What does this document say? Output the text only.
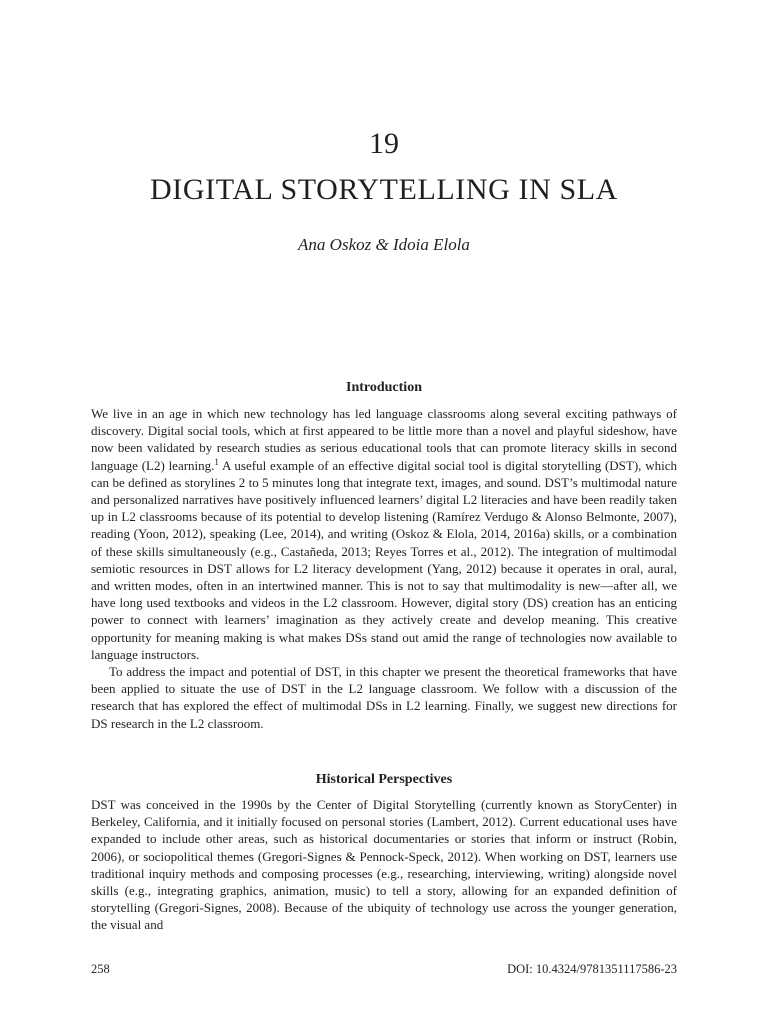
19
DIGITAL STORYTELLING IN SLA
Ana Oskoz & Idoia Elola
Introduction

We live in an age in which new technology has led language classrooms along several exciting pathways of discovery. Digital social tools, which at first appeared to be little more than a novel and playful sideshow, have now been validated by research studies as serious educational tools that can promote literacy skills in second language (L2) learning.$^1$ A useful example of an effective digital social tool is digital storytelling (DST), which can be defined as storylines 2 to 5 minutes long that integrate text, images, and sound. DST’s multimodal nature and personalized narratives have positively influenced learners’ digital L2 literacies and have been readily taken up in L2 classrooms because of its potential to develop listening (Ramírez Verdugo & Alonso Belmonte, 2007), reading (Yoon, 2012), speaking (Lee, 2014), and writing (Oskoz & Elola, 2014, 2016a) skills, or a combination of these skills simultaneously (e.g., Castañeda, 2013; Reyes Torres et al., 2012). The integration of multimodal semiotic resources in DST allows for L2 literacy development (Yang, 2012) because it operates in oral, aural, and written modes, often in an intertwined manner. This is not to say that multimodality is new—after all, we have long used textbooks and videos in the L2 classroom. However, digital story (DS) creation has an enticing power to connect with learners’ imagination as they actively create and develop meaning. This creative opportunity for meaning making is what makes DSs stand out amid the range of technologies now available to language instructors.

To address the impact and potential of DST, in this chapter we present the theoretical frameworks that have been applied to situate the use of DST in the L2 language classroom. We follow with a discussion of the research that has explored the effect of multimodal DSs in L2 learning. Finally, we suggest new directions for DS research in the L2 classroom.

Historical Perspectives

DST was conceived in the 1990s by the Center of Digital Storytelling (currently known as StoryCenter) in Berkeley, California, and it initially focused on personal stories (Lambert, 2012). Current educational uses have expanded to include other areas, such as historical documentaries or stories that inform or instruct (Robin, 2006), or sociopolitical themes (Gregori-Signes & Pennock-Speck, 2012). When working on DST, learners use traditional inquiry methods and composing processes (e.g., researching, interviewing, writing) alongside novel skills (e.g., integrating graphics, animation, music) to tell a story, allowing for an expanded definition of storytelling (Gregori-Signes, 2008). Because of the ubiquity of technology use across the younger generation, the visual and

258	DOI: 10.4324/9781351117586-23
